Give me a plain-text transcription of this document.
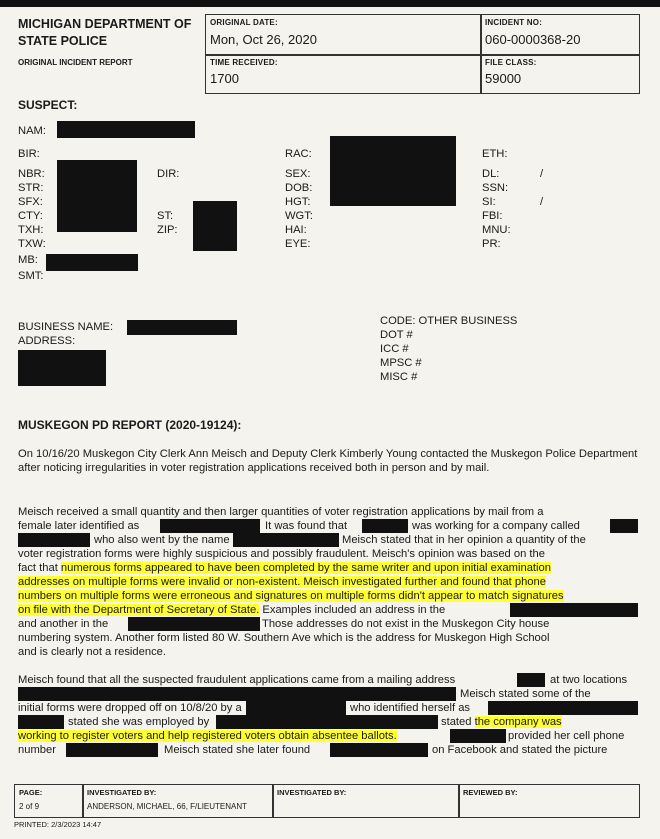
MICHIGAN DEPARTMENT OF STATE POLICE
ORIGINAL INCIDENT REPORT
ORIGINAL DATE:
Mon, Oct 26, 2020
INCIDENT NO:
060-0000368-20
TIME RECEIVED:
1700
FILE CLASS:
59000
SUSPECT:
NAM:
BIR:
NBR:
STR:
SFX:
CTY:
TXH:
TXW:
MB:
SMT:
DIR:
ST:
ZIP:
RAC:
SEX:
DOB:
HGT:
WGT:
HAI:
EYE:
ETH:
DL:	/
SSN:
SI:	/
FBI:
MNU:
PR:
BUSINESS NAME:
ADDRESS:
CODE: OTHER BUSINESS
DOT #
ICC #
MPSC #
MISC #
MUSKEGON PD REPORT (2020-19124):
On 10/16/20 Muskegon City Clerk Ann Meisch and Deputy Clerk Kimberly Young contacted the Muskegon Police Department after noticing irregularities in voter registration applications received both in person and by mail.
Meisch received a small quantity and then larger quantities of voter registration applications by mail from a
female later identified as	It was found that	was working for a company called
who also went by the name	Meisch stated that in her opinion a quantity of the
voter registration forms were highly suspicious and possibly fraudulent. Meisch's opinion was based on the
fact that numerous forms appeared to have been completed by the same writer and upon initial examination
addresses on multiple forms were invalid or non-existent. Meisch investigated further and found that phone
numbers on multiple forms were erroneous and signatures on multiple forms didn't appear to match signatures
on file with the Department of Secretary of State. Examples included an address in the
and another in the	Those addresses do not exist in the Muskegon City house
numbering system. Another form listed 80 W. Southern Ave which is the address for Muskegon High School
and is clearly not a residence.
Meisch found that all the suspected fraudulent applications came from a mailing address	at two locations
Meisch stated some of the
initial forms were dropped off on 10/8/20 by a	who identified herself as
stated she was employed by	stated the company was
working to register voters and help registered voters obtain absentee ballots.	provided her cell phone
number	Meisch stated she later found	on Facebook and stated the picture
PAGE:
2 of 9
INVESTIGATED BY:
ANDERSON, MICHAEL, 66, F/LIEUTENANT
INVESTIGATED BY:	REVIEWED BY:
PRINTED: 2/3/2023 14:47
